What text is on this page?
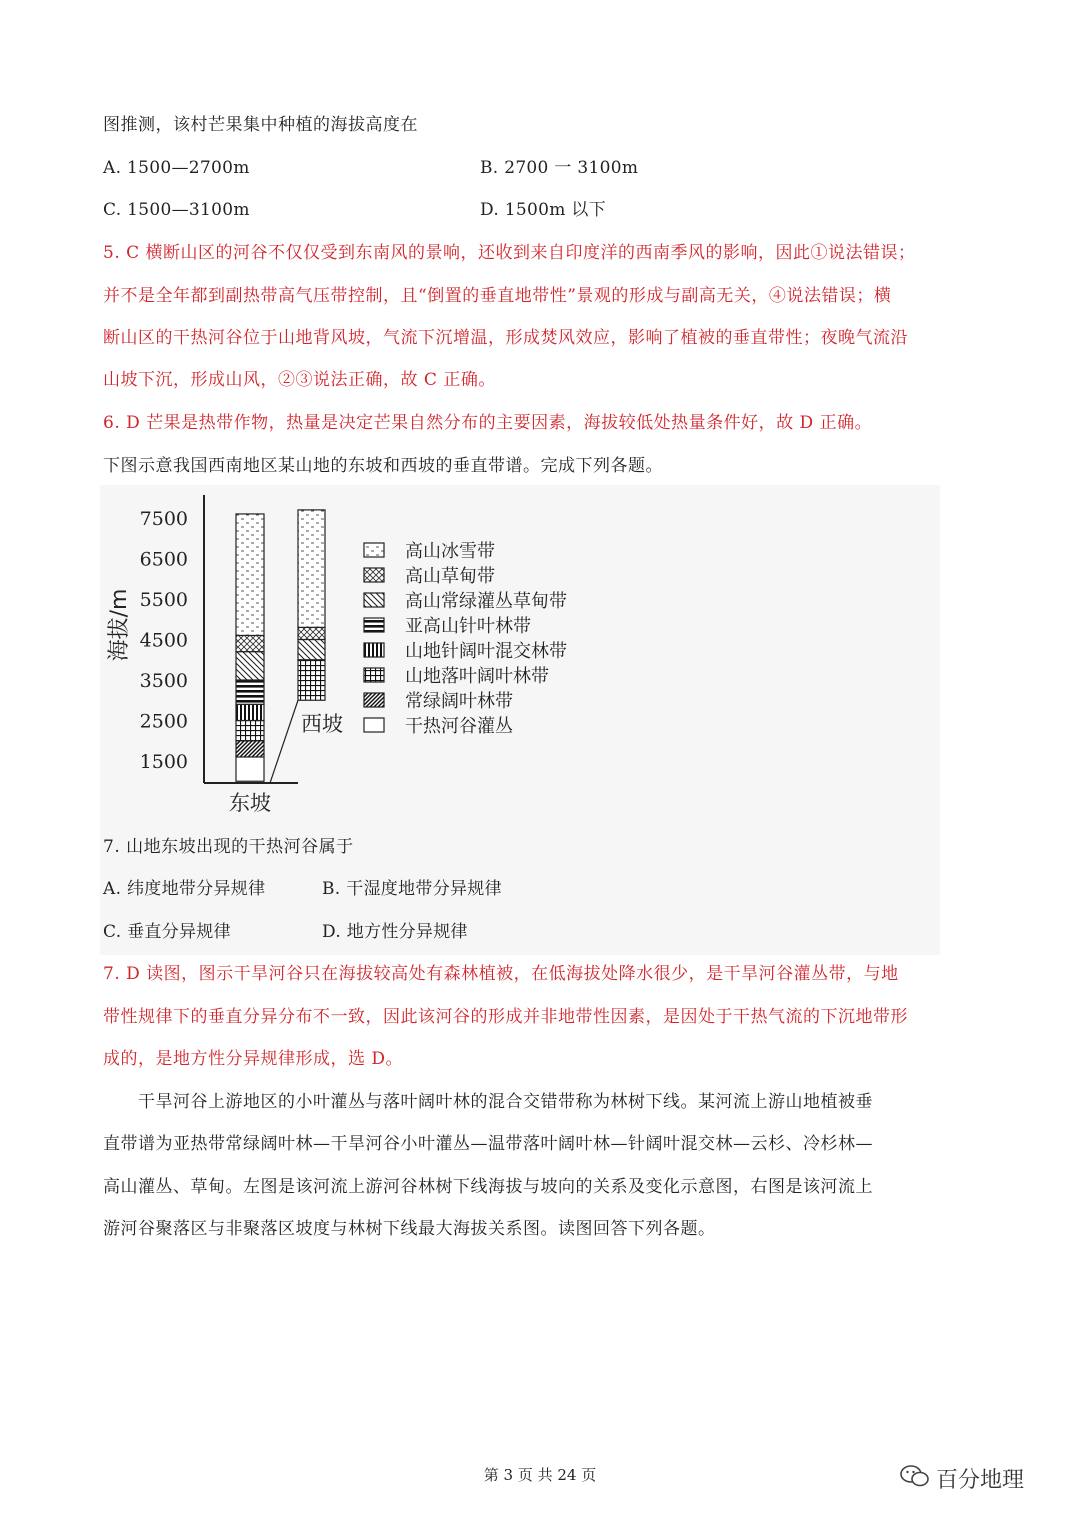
图推测，该村芒果集中种植的海拔高度在
A. 1500—2700m	B. 2700 一 3100m
C. 1500—3100m	D. 1500m 以下
5. C 横断山区的河谷不仅仅受到东南风的景响，还收到来自印度洋的西南季风的影响，因此①说法错误；
并不是全年都到副热带高气压带控制，且“倒置的垂直地带性”景观的形成与副高无关，④说法错误；横
断山区的干热河谷位于山地背风坡，气流下沉增温，形成焚风效应，影响了植被的垂直带性；夜晚气流沿
山坡下沉，形成山风，②③说法正确，故 C 正确。
6. D 芒果是热带作物，热量是决定芒果自然分布的主要因素，海拔较低处热量条件好，故 D 正确。
下图示意我国西南地区某山地的东坡和西坡的垂直带谱。完成下列各题。
海拔/m
7500
6500
5500
4500
3500
2500
1500
东坡
西坡
高山冰雪带
高山草甸带
高山常绿灌丛草甸带
亚高山针叶林带
山地针阔叶混交林带
山地落叶阔叶林带
常绿阔叶林带
干热河谷灌丛
7. 山地东坡出现的干热河谷属于
A. 纬度地带分异规律	B. 干湿度地带分异规律
C. 垂直分异规律	D. 地方性分异规律
7. D 读图，图示干旱河谷只在海拔较高处有森林植被，在低海拔处降水很少，是干旱河谷灌丛带，与地
带性规律下的垂直分异分布不一致，因此该河谷的形成并非地带性因素，是因处于干热气流的下沉地带形
成的，是地方性分异规律形成，选 D。
　　干旱河谷上游地区的小叶灌丛与落叶阔叶林的混合交错带称为林树下线。某河流上游山地植被垂
直带谱为亚热带常绿阔叶林—干旱河谷小叶灌丛—温带落叶阔叶林—针阔叶混交林—云杉、冷杉林—
高山灌丛、草甸。左图是该河流上游河谷林树下线海拔与坡向的关系及变化示意图，右图是该河流上
游河谷聚落区与非聚落区坡度与林树下线最大海拔关系图。读图回答下列各题。
第 3 页 共 24 页	百分地理
